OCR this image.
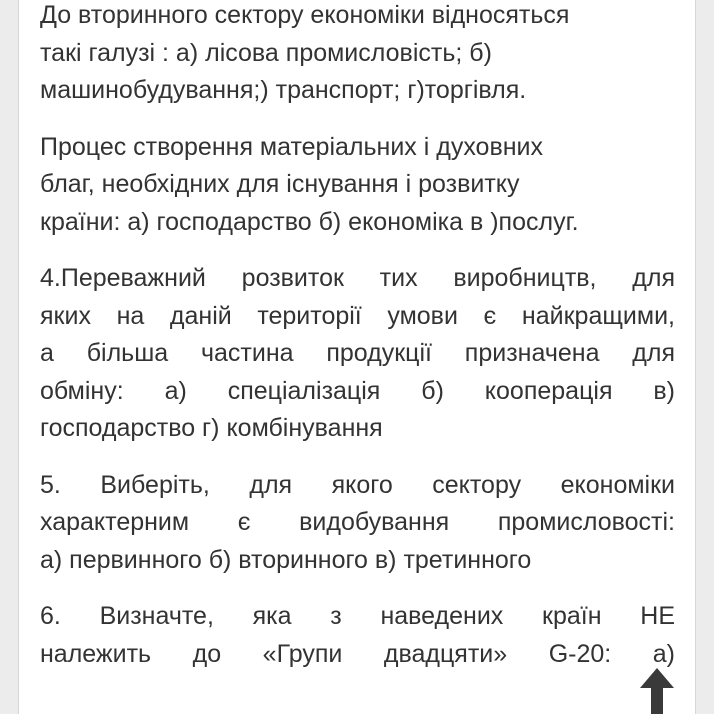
До вторинного сектору економіки відносяться
такі галузі : а) лісова промисловість; б)
машинобудування;) транспорт; г)торгівля.
Процес створення матеріальних і духовних
благ, необхідних для існування і розвитку
країни: а) господарство б) економіка в )послуг.
4.Переважний розвиток тих виробництв, для
яких на даній території умови є найкращими,
а більша частина продукції призначена для
обміну: а) спеціалізація б) кооперація в)
господарство г) комбінування
5. Виберіть, для якого сектору економіки
характерним є видобування промисловості:
а) первинного б) вторинного в) третинного
6. Визначте, яка з наведених країн НЕ
належить до «Групи двадцяти» G-20: а)
